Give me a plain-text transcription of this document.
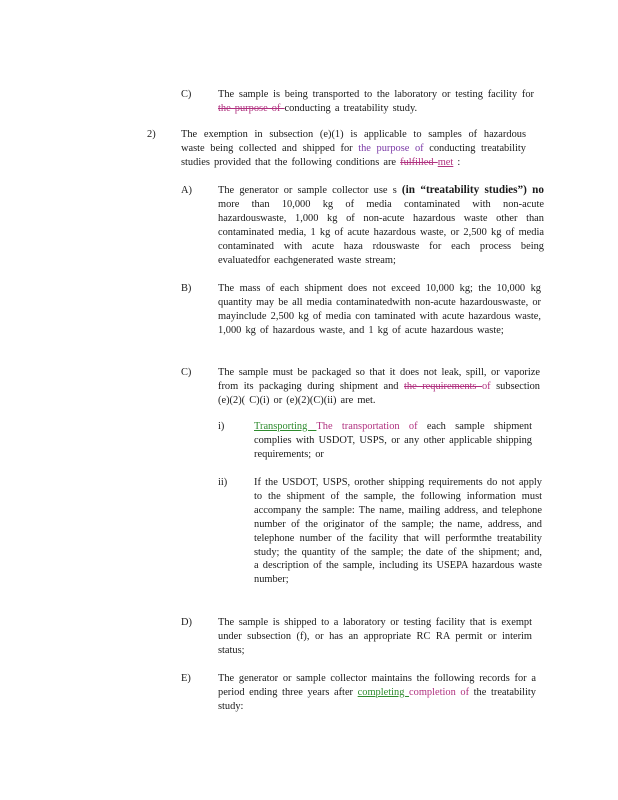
C)	The sample is being transported to the laboratory or testing facility for the purpose of conducting a treatability study.

2) The exemption in subsection (e)(1) is applicable to samples of hazardous waste being collected and shipped for the purpose of conducting treatability studies provided that the following conditions are fulfilled met :

A)	The generator or sample collector use s (in “treatability studies”) no more than 10,000 kg of media contaminated with non-acute hazardouswaste, 1,000 kg of non-acute hazardous waste other than contaminated media, 1 kg of acute hazardous waste, or 2,500 kg of media contaminated with acute haza rdouswaste for each process being evaluatedfor eachgenerated waste stream;

B)	The mass of each shipment does not exceed 10,000 kg; the 10,000 kg quantity may be all media contaminatedwith non-acute hazardouswaste, or mayinclude 2,500 kg of media con taminated with acute hazardous waste, 1,000 kg of hazardous waste, and 1 kg of acute hazardous waste;

C)	The sample must be packaged so that it does not leak, spill, or vaporize from its packaging during shipment and the requirements of subsection (e)(2)( C)(i) or (e)(2)(C)(ii) are met.

i)	Transporting The transportation of each sample shipment complies with USDOT, USPS, or any other applicable shipping requirements; or

ii)	If the USDOT, USPS, orother shipping requirements do not apply to the shipment of the sample, the following information must accompany the sample: The name, mailing address, and telephone number of the originator of the sample; the name, address, and telephone number of the facility that will performthe treatability study; the quantity of the sample; the date of the shipment; and, a description of the sample, including its USEPA hazardous waste number;

D)	The sample is shipped to a laboratory or testing facility that is exempt under subsection (f), or has an appropriate RC RA permit or interim status;

E)	The generator or sample collector maintains the following records for a period ending three years after completing completion of the treatability study:
